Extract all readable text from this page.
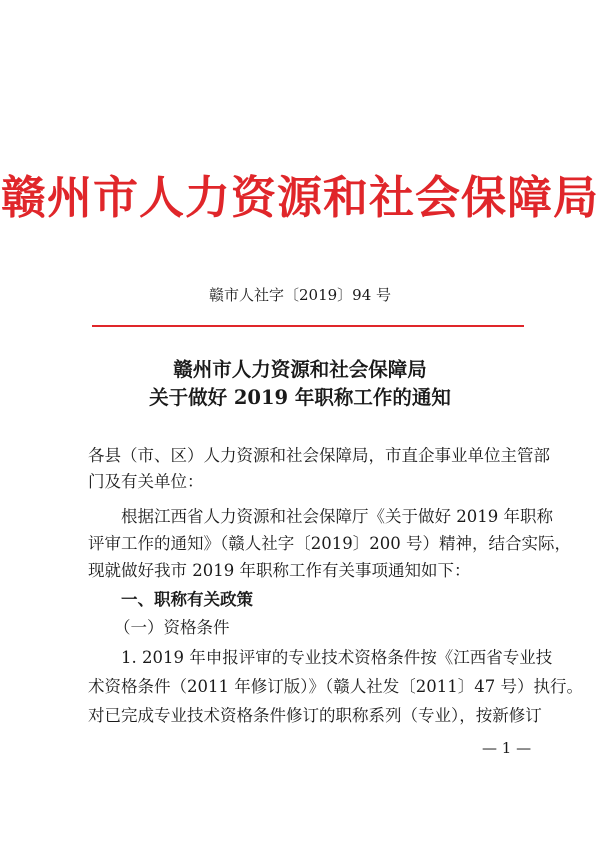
赣州市人力资源和社会保障局
赣市人社字〔2019〕94 号
赣州市人力资源和社会保障局
关于做好 2019 年职称工作的通知
各县（市、区）人力资源和社会保障局，市直企事业单位主管部
门及有关单位：
根据江西省人力资源和社会保障厅《关于做好 2019 年职称
评审工作的通知》（赣人社字〔2019〕200 号）精神，结合实际，
现就做好我市 2019 年职称工作有关事项通知如下：
一、职称有关政策
（一）资格条件
1. 2019 年申报评审的专业技术资格条件按《江西省专业技
术资格条件（2011 年修订版）》（赣人社发〔2011〕47 号）执行。
对已完成专业技术资格条件修订的职称系列（专业），按新修订
— 1 —
